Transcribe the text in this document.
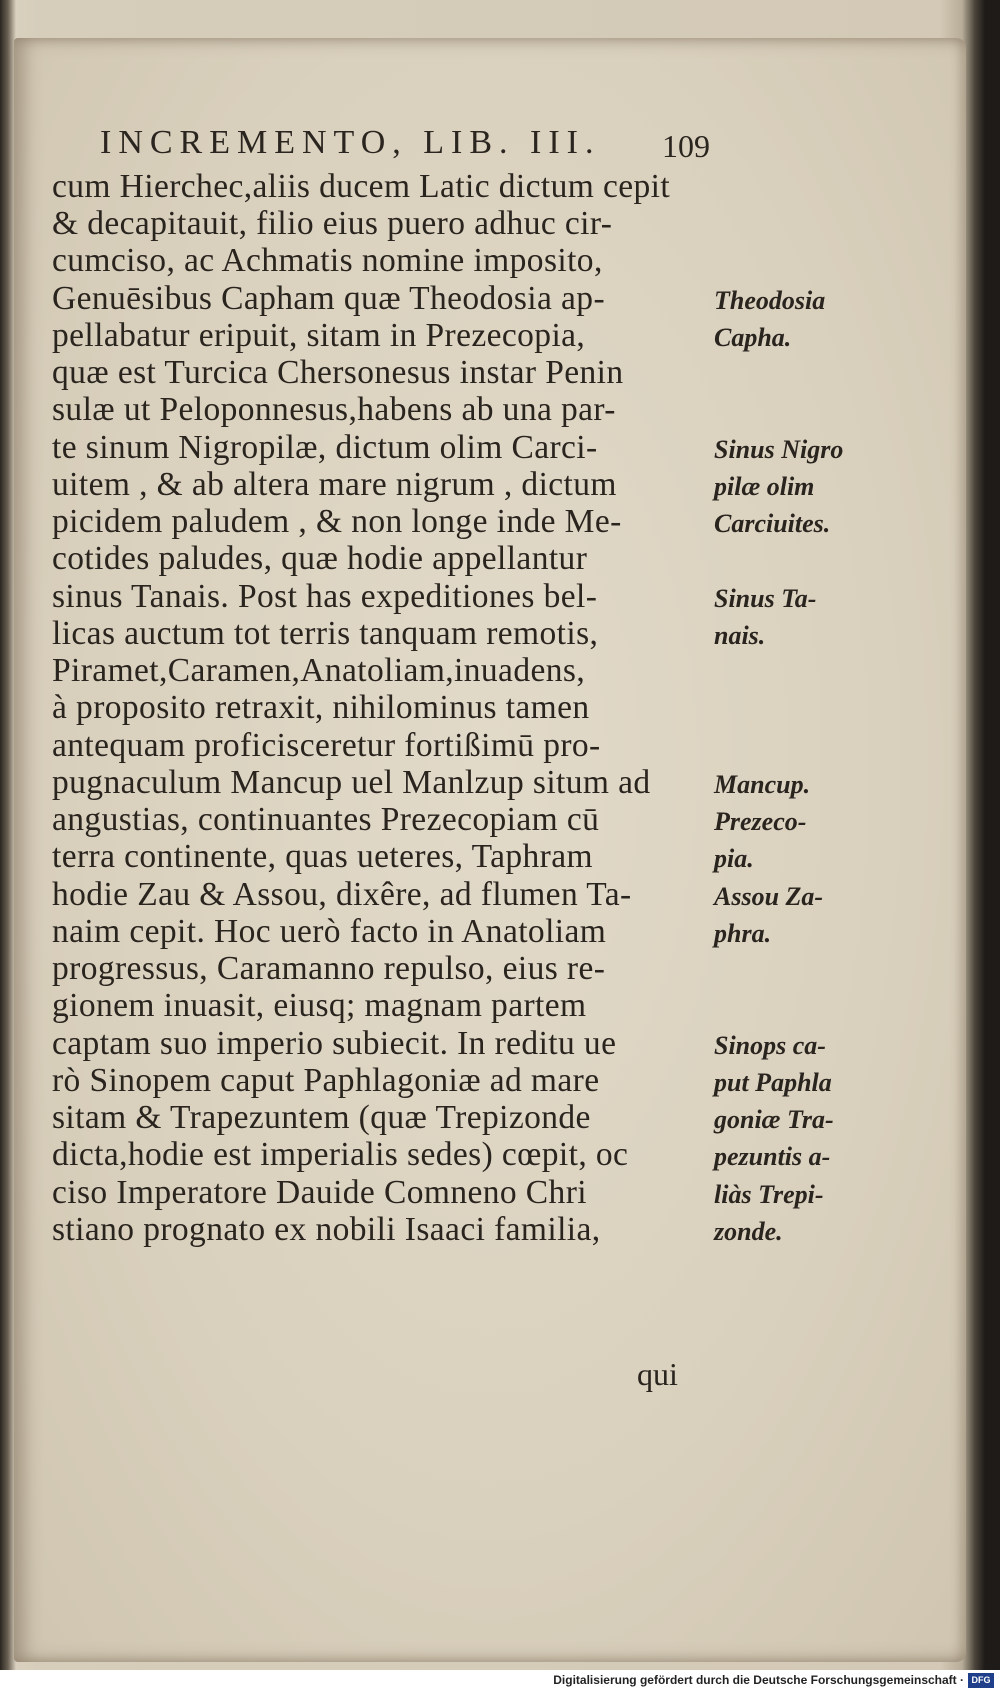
INCREMENTO, LIB. III. 109
cum Hierchec,aliis ducem Latic dictum cepit
& decapitauit, filio eius puero adhuc cir-
cumciso, ac Achmatis nomine imposito,
Genuēsibus Capham quæ Theodosia ap-
pellabatur eripuit, sitam in Prezecopia,
quæ est Turcica Chersonesus instar Penin
sulæ ut Peloponnesus,habens ab una par-
te sinum Nigropilæ, dictum olim Carci-
uitem , & ab altera mare nigrum , dictum
picidem paludem , & non longe inde Me-
cotides paludes, quæ hodie appellantur
sinus Tanais. Post has expeditiones bel-
licas auctum tot terris tanquam remotis,
Piramet,Caramen,Anatoliam,inuadens,
à proposito retraxit, nihilominus tamen
antequam proficisceretur fortißimū pro-
pugnaculum Mancup uel Manlzup situm ad
angustias, continuantes Prezecopiam cū
terra continente, quas ueteres, Taphram
hodie Zau & Assou, dixêre, ad flumen Ta-
naim cepit. Hoc uerò facto in Anatoliam
progressus, Caramanno repulso, eius re-
gionem inuasit, eiusq; magnam partem
captam suo imperio subiecit. In reditu ue
rò Sinopem caput Paphlagoniæ ad mare
sitam & Trapezuntem (quæ Trepizonde
dicta,hodie est imperialis sedes) cœpit, oc
ciso Imperatore Dauide Comneno Chri
stiano prognato ex nobili Isaaci familia,
Theodosia
Capha.
Sinus Nigro
pilæ olim
Carciuites.
Sinus Ta-
nais.
Mancup.
Prezeco-
pia.
Assou Za-
phra.
Sinops ca-
put Paphla
goniæ Tra-
pezuntis a-
liàs Trepi-
zonde.
qui
Digitalisierung gefördert durch die Deutsche Forschungsgemeinschaft · DFG
